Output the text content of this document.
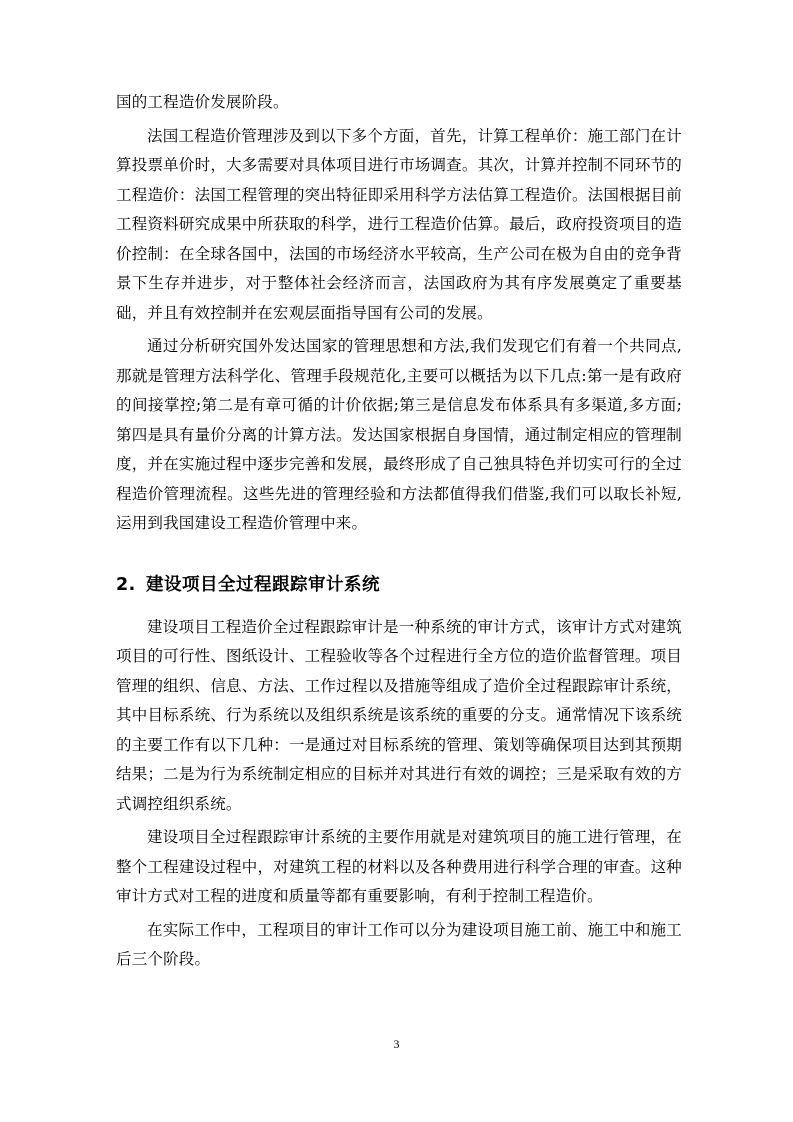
国的工程造价发展阶段。

法国工程造价管理涉及到以下多个方面，首先，计算工程单价：施工部门在计算投票单价时，大多需要对具体项目进行市场调查。其次，计算并控制不同环节的工程造价：法国工程管理的突出特征即采用科学方法估算工程造价。法国根据目前工程资料研究成果中所获取的科学，进行工程造价估算。最后，政府投资项目的造价控制：在全球各国中，法国的市场经济水平较高，生产公司在极为自由的竞争背景下生存并进步，对于整体社会经济而言，法国政府为其有序发展奠定了重要基础，并且有效控制并在宏观层面指导国有公司的发展。

通过分析研究国外发达国家的管理思想和方法,我们发现它们有着一个共同点,那就是管理方法科学化、管理手段规范化,主要可以概括为以下几点:第一是有政府的间接掌控;第二是有章可循的计价依据;第三是信息发布体系具有多渠道,多方面;第四是具有量价分离的计算方法。发达国家根据自身国情，通过制定相应的管理制度，并在实施过程中逐步完善和发展，最终形成了自己独具特色并切实可行的全过程造价管理流程。这些先进的管理经验和方法都值得我们借鉴,我们可以取长补短,运用到我国建设工程造价管理中来。

2. 建设项目全过程跟踪审计系统

建设项目工程造价全过程跟踪审计是一种系统的审计方式，该审计方式对建筑项目的可行性、图纸设计、工程验收等各个过程进行全方位的造价监督管理。项目管理的组织、信息、方法、工作过程以及措施等组成了造价全过程跟踪审计系统，其中目标系统、行为系统以及组织系统是该系统的重要的分支。通常情况下该系统的主要工作有以下几种：一是通过对目标系统的管理、策划等确保项目达到其预期结果；二是为行为系统制定相应的目标并对其进行有效的调控；三是采取有效的方式调控组织系统。

建设项目全过程跟踪审计系统的主要作用就是对建筑项目的施工进行管理，在整个工程建设过程中，对建筑工程的材料以及各种费用进行科学合理的审查。这种审计方式对工程的进度和质量等都有重要影响，有利于控制工程造价。

在实际工作中，工程项目的审计工作可以分为建设项目施工前、施工中和施工后三个阶段。

3
